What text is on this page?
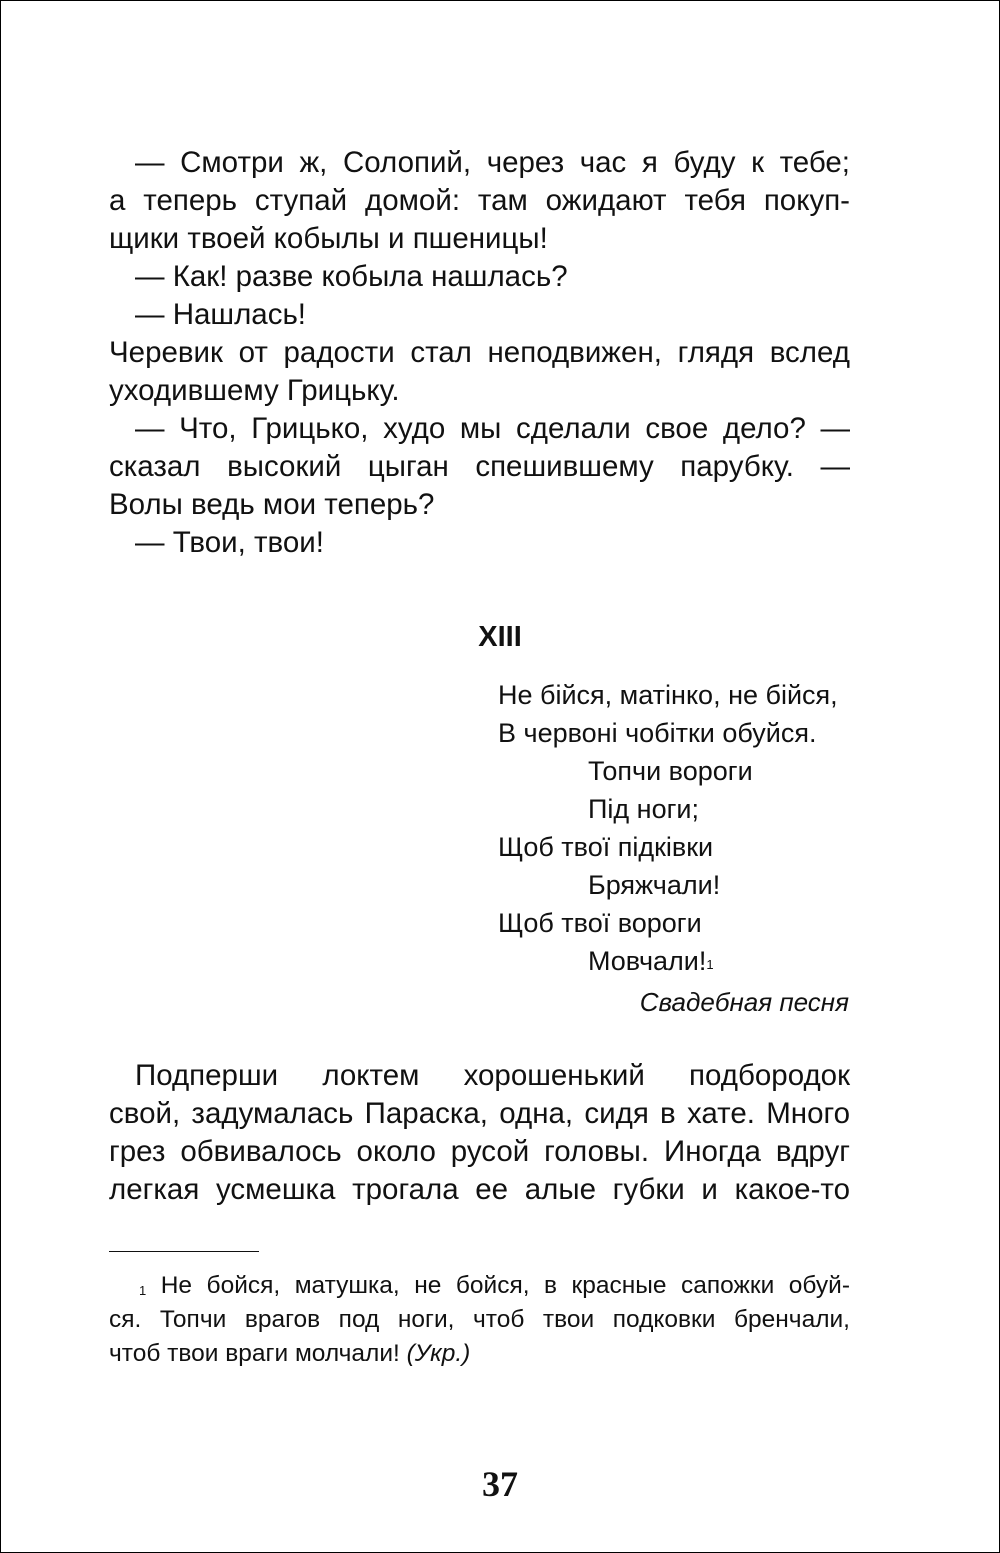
— Смотри ж, Солопий, через час я буду к тебе;

а теперь ступай домой: там ожидают тебя покуп-

щики твоей кобылы и пшеницы!

— Как! разве кобыла нашлась?

— Нашлась!

Черевик от радости стал неподвижен, глядя вслед

уходившему Грицьку.

— Что, Грицько, худо мы сделали свое дело? —

сказал высокий цыган спешившему парубку. —

Волы ведь мои теперь?

— Твои, твои!

XIII
Не бійся, матінко, не бійся,
В червоні чобітки обуйся.
Топчи вороги
Під ноги;
Щоб твої підківки
Бряжчали!
Щоб твої вороги
Мовчали!$^1$
Свадебная песня

Подперши локтем хорошенький подбородок

свой, задумалась Параска, одна, сидя в хате. Много

грез обвивалось около русой головы. Иногда вдруг

легкая усмешка трогала ее алые губки и какое-то

$^1$ Не бойся, матушка, не бойся, в красные сапожки обуй-
ся. Топчи врагов под ноги, чтоб твои подковки бренчали,
чтоб твои враги молчали! (Укр.)
37
